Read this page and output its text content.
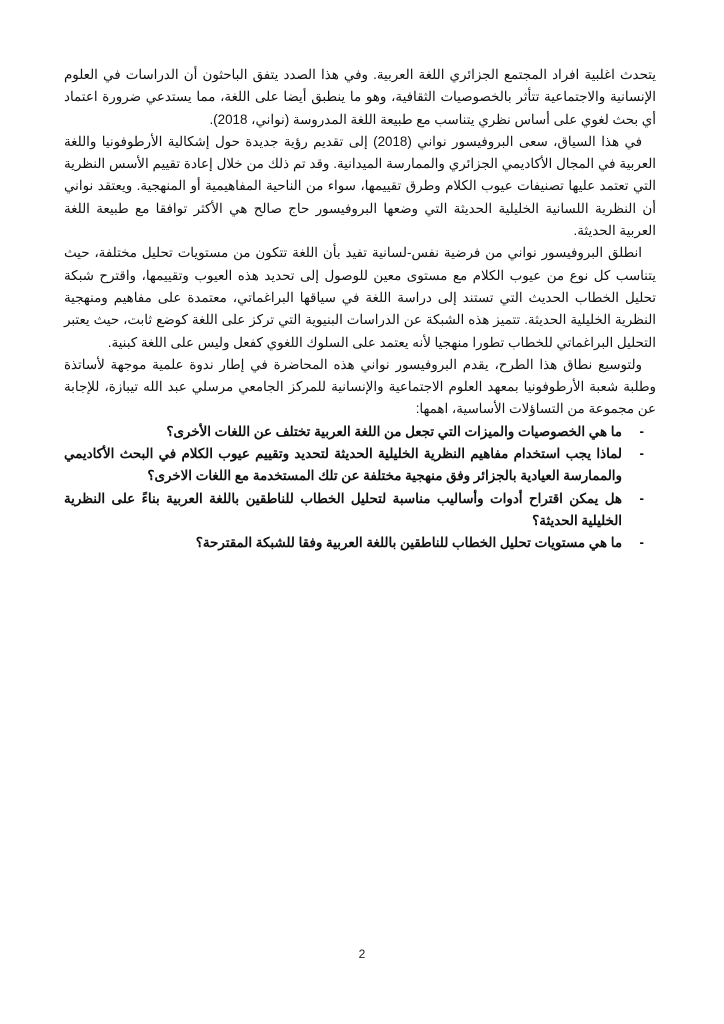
يتحدث اغلبية افراد المجتمع الجزائري اللغة العربية. وفي هذا الصدد يتفق الباحثون أن الدراسات في العلوم الإنسانية والاجتماعية تتأثر بالخصوصيات الثقافية، وهو ما ينطبق أيضا على اللغة، مما يستدعي ضرورة اعتماد أي بحث لغوي على أساس نظري يتناسب مع طبيعة اللغة المدروسة (نواني، 2018).

في هذا السياق، سعى البروفيسور نواني (2018) إلى تقديم رؤية جديدة حول إشكالية الأرطوفونيا واللغة العربية في المجال الأكاديمي الجزائري والممارسة الميدانية. وقد تم ذلك من خلال إعادة تقييم الأسس النظرية التي تعتمد عليها تصنيفات عيوب الكلام وطرق تقييمها، سواء من الناحية المفاهيمية أو المنهجية. ويعتقد نواني أن النظرية اللسانية الخليلية الحديثة التي وضعها البروفيسور حاج صالح هي الأكثر توافقا مع طبيعة اللغة العربية الحديثة.

انطلق البروفيسور نواني من فرضية نفس-لسانية تفيد بأن اللغة تتكون من مستويات تحليل مختلفة، حيث يتناسب كل نوع من عيوب الكلام مع مستوى معين للوصول إلى تحديد هذه العيوب وتقييمها، واقترح شبكة تحليل الخطاب الحديث التي تستند إلى دراسة اللغة في سياقها البراغماتي، معتمدة على مفاهيم ومنهجية النظرية الخليلية الحديثة. تتميز هذه الشبكة عن الدراسات البنيوية التي تركز على اللغة كوضع ثابت، حيث يعتبر التحليل البراغماتي للخطاب تطورا منهجيا لأنه يعتمد على السلوك اللغوي كفعل وليس على اللغة كبنية.

ولتوسيع نطاق هذا الطرح، يقدم البروفيسور نواني هذه المحاضرة في إطار ندوة علمية موجهة لأساتذة وطلبة شعبة الأرطوفونيا بمعهد العلوم الاجتماعية والإنسانية للمركز الجامعي مرسلي عبد الله تيبازة، للإجابة عن مجموعة من التساؤلات الأساسية، اهمها:

-
ما هي الخصوصيات والميزات التي تجعل من اللغة العربية تختلف عن اللغات الأخرى؟
-
لماذا يجب استخدام مفاهيم النظرية الخليلية الحديثة لتحديد وتقييم عيوب الكلام في البحث الأكاديمي والممارسة العيادية بالجزائر وفق منهجية مختلفة عن تلك المستخدمة مع اللغات الاخرى؟
-
هل يمكن اقتراح أدوات وأساليب مناسبة لتحليل الخطاب للناطقين باللغة العربية بناءً على النظرية الخليلية الحديثة؟
-
ما هي مستويات تحليل الخطاب للناطقين باللغة العربية وفقا للشبكة المقترحة؟
2
